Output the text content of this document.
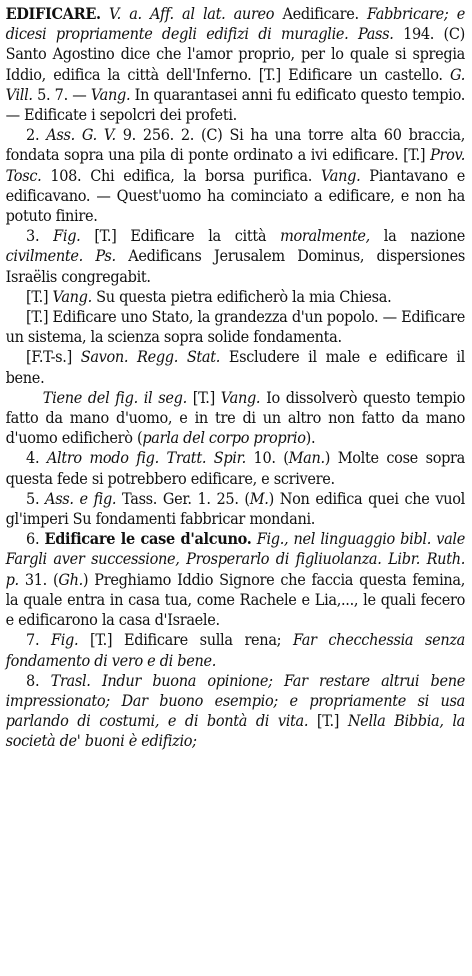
EDIFICARE. V. a. Aff. al lat. aureo Aedificare. Fabbricare; e dicesi propriamente degli edifizi di muraglie. Pass. 194. (C) Santo Agostino dice che l'amor proprio, per lo quale si spregia Iddio, edifica la città dell'Inferno. [T.] Edificare un castello. G. Vill. 5. 7. — Vang. In quarantasei anni fu edificato questo tempio. — Edificate i sepolcri dei profeti.

2. Ass. G. V. 9. 256. 2. (C) Si ha una torre alta 60 braccia, fondata sopra una pila di ponte ordinato a ivi edificare. [T.] Prov. Tosc. 108. Chi edifica, la borsa purifica. Vang. Piantavano e edificavano. — Quest'uomo ha cominciato a edificare, e non ha potuto finire.

3. Fig. [T.] Edificare la città moralmente, la nazione civilmente. Ps. Aedificans Jerusalem Dominus, dispersiones Israëlis congregabit.

[T.] Vang. Su questa pietra edificherò la mia Chiesa.

[T.] Edificare uno Stato, la grandezza d'un popolo. — Edificare un sistema, la scienza sopra solide fondamenta.

[F.T-s.] Savon. Regg. Stat. Escludere il male e edificare il bene.

Tiene del fig. il seg. [T.] Vang. Io dissolverò questo tempio fatto da mano d'uomo, e in tre di un altro non fatto da mano d'uomo edificherò (parla del corpo proprio).

4. Altro modo fig. Tratt. Spir. 10. (Man.) Molte cose sopra questa fede si potrebbero edificare, e scrivere.

5. Ass. e fig. Tass. Ger. 1. 25. (M.) Non edifica quei che vuol gl'imperi Su fondamenti fabbricar mondani.

6. Edificare le case d'alcuno. Fig., nel linguaggio bibl. vale Fargli aver successione, Prosperarlo di figliuolanza. Libr. Ruth. p. 31. (Gh.) Preghiamo Iddio Signore che faccia questa femina, la quale entra in casa tua, come Rachele e Lia,..., le quali fecero e edificarono la casa d'Israele.

7. Fig. [T.] Edificare sulla rena; Far checchessia senza fondamento di vero e di bene.

8. Trasl. Indur buona opinione; Far restare altrui bene impressionato; Dar buono esempio; e propriamente si usa parlando di costumi, e di bontà di vita. [T.] Nella Bibbia, la società de' buoni è edifizio;
